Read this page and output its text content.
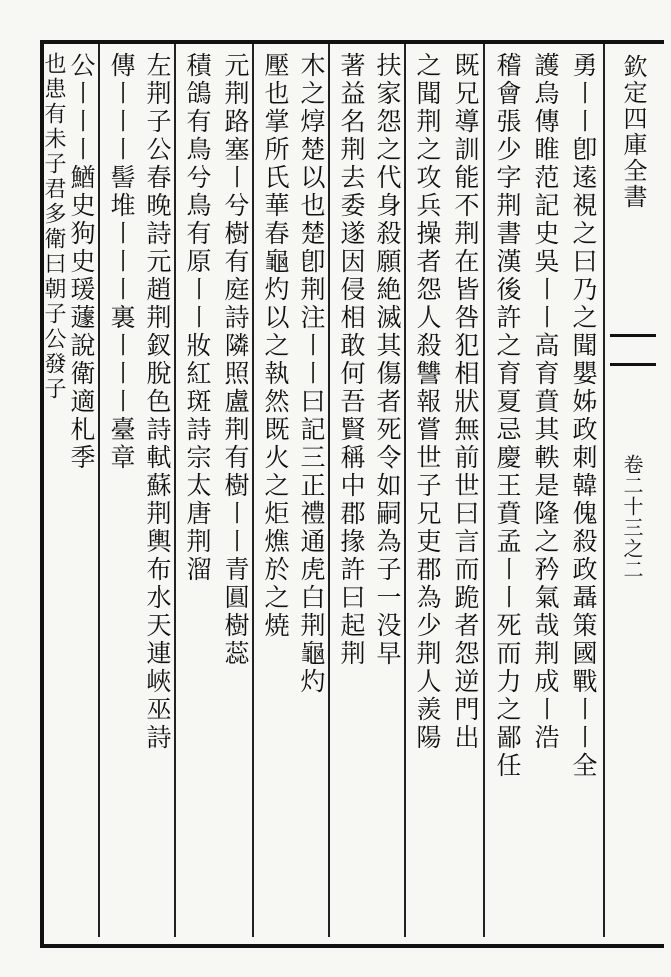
欽定四庫全書
卷二十三之二
勇〡〡卽逺視之曰乃之聞嬰姊政刺韓傀殺政聶策國戰〡〡全
護烏傳睢范記史吳〡〡高育賁其軼是隆之矜氣哉荆成〡浩
稽會張少字荆書漢後許之育夏忌慶王賁孟〡〡死而力之鄙任
既兄導訓能不荆在皆咎犯相狀無前世曰言而跪者怨逆門出
之聞荆之攻兵操者怨人殺讐報嘗世子兄吏郡為少荆人羨陽
扶家怨之代身殺願絶滅其傷者死令如嗣為子一没早
著益名荆去委遂因侵相敢何吾賢稱中郡掾許曰起荆
木之焞楚以也楚卽荆注〡〡曰記三正禮通虎白荆龜灼
壓也掌所氏華春龜灼以之執然既火之炬燋於之焼
元荆路塞〡兮樹有庭詩隣照盧荆有樹〡〡青圓樹蕊
積鴿有鳥兮鳥有原〡〡妝紅斑詩宗太唐荆溜
左荆子公春晚詩元趙荆釵脫色詩軾蘇荆輿布水天連峽巫詩
傳〡〡〡髻堆〡〡〡裏〡〡〡臺章
公〡〡〡鰌史狗史瑗蘧說衛適札季
也患有未子君多衛曰朝子公發子
